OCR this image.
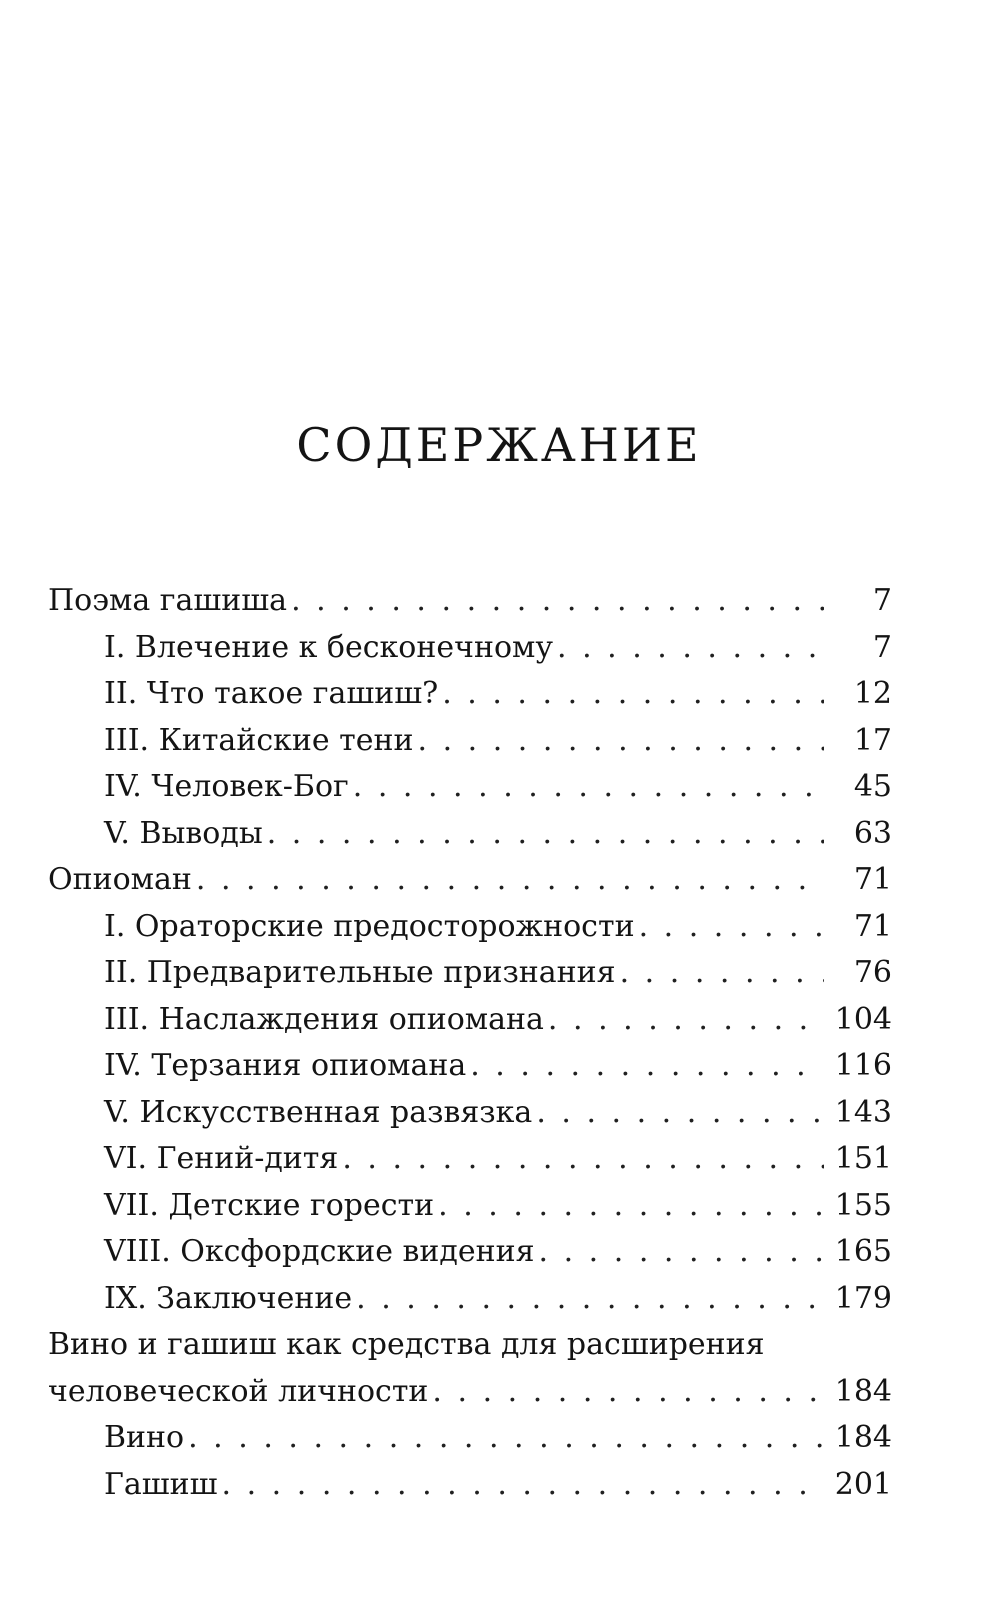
СОДЕРЖАНИЕ
Поэма гашиша . . .	7
I. Влечение к бесконечному . . .	7
II. Что такое гашиш? . . .	12
III. Китайские тени . . .	17
IV. Человек-Бог . . .	45
V. Выводы . . .	63
Опиоман . . .	71
I. Ораторские предосторожности . . .	71
II. Предварительные признания . . .	76
III. Наслаждения опиомана . . .	104
IV. Терзания опиомана . . .	116
V. Искусственная развязка . . .	143
VI. Гений-дитя . . .	151
VII. Детские горести . . .	155
VIII. Оксфордские видения . . .	165
IX. Заключение . . .	179
Вино и гашиш как средства для расширения
человеческой личности . . .	184
Вино . . .	184
Гашиш . . .	201
